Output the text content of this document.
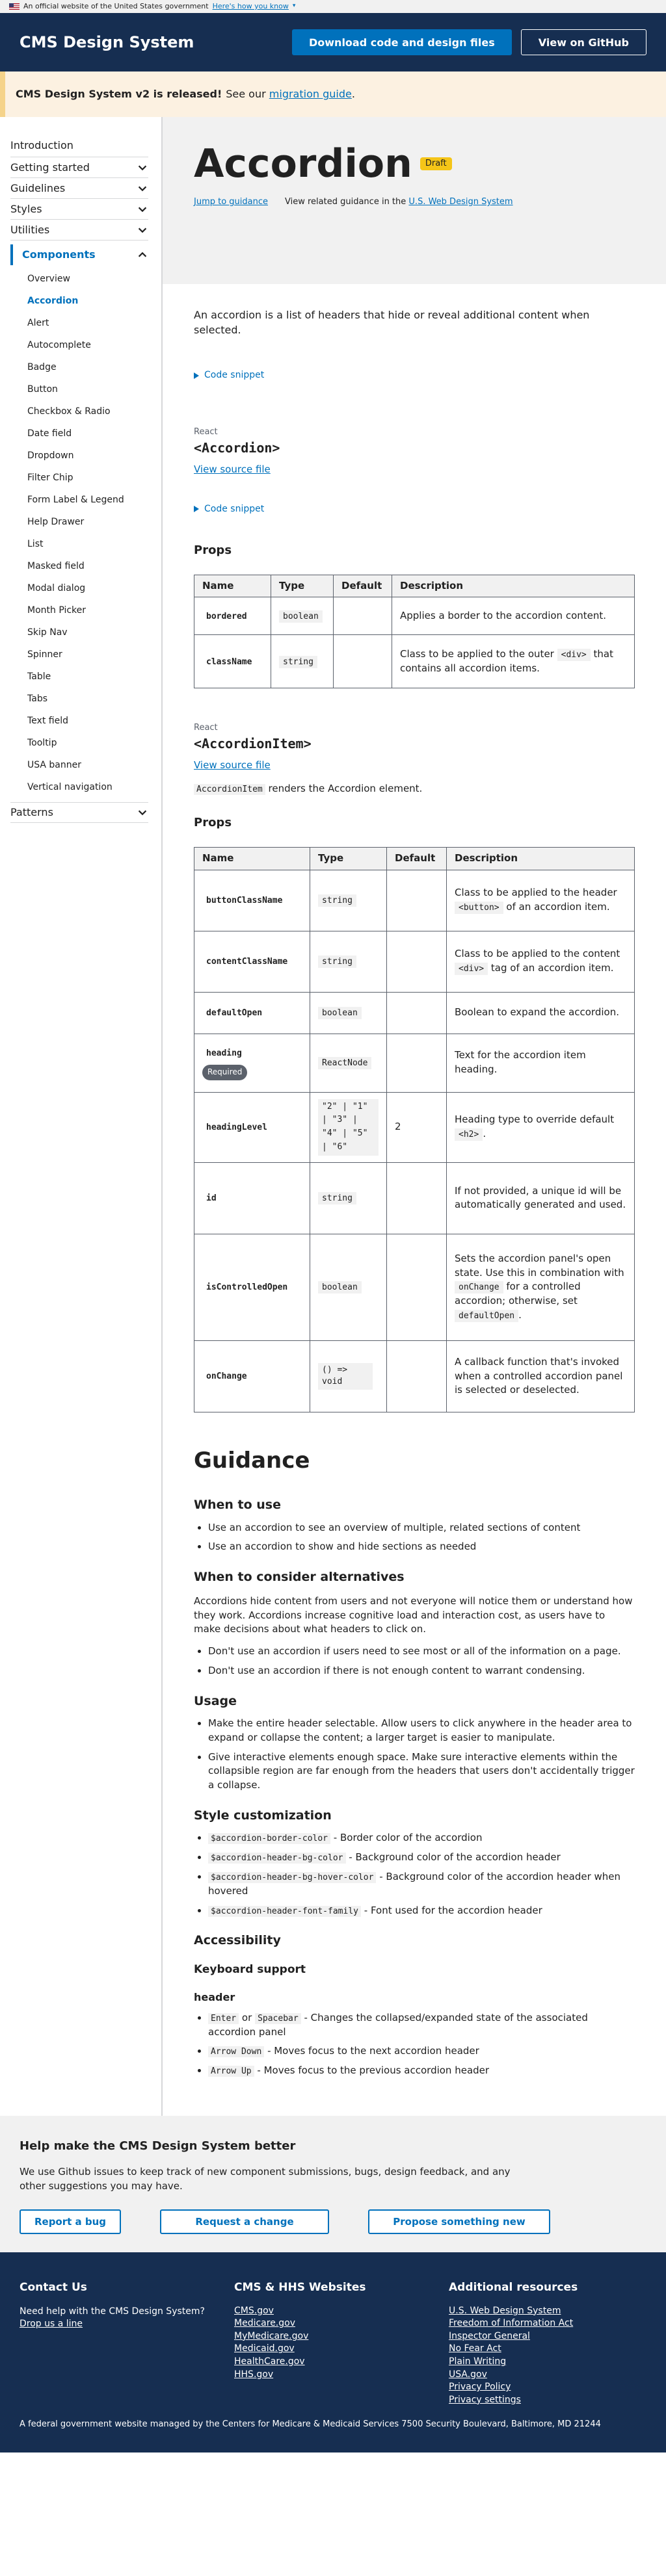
An official website of the United States government Here's how you know ▾
CMS Design System	Download code and design files	View on GitHub
CMS Design System v2 is released! See our
migration guide .
Introduction
Getting started
Guidelines
Styles
Utilities
Components
Overview
Accordion
Alert
Autocomplete
Badge
Button
Checkbox & Radio
Date field
Dropdown
Filter Chip
Form Label & Legend
Help Drawer
List
Masked field
Modal dialog
Month Picker
Skip Nav
Spinner
Table
Tabs
Text field
Tooltip
USA banner
Vertical navigation
Patterns
Accordion	Draft
Jump to guidance View related guidance in the U.S. Web Design System

An accordion is a list of headers that hide or reveal additional content when selected.

Code snippet
React
<Accordion>
View source file
Code snippet
Props
Name	Type	Default	Description
bordered	boolean		Applies a border to the accordion content.
className	string		Class to be applied to the outer <div> that contains all accordion items.
React
<AccordionItem>
View source file

AccordionItem renders the Accordion element.

Props
Name	Type	Default	Description
buttonClassName	string		Class to be applied to the header <button> of an accordion item.
contentClassName	string		Class to be applied to the content <div> tag of an accordion item.
defaultOpen	boolean		Boolean to expand the accordion.
heading
Required	ReactNode		Text for the accordion item heading.
headingLevel	"2" | "1" | "3" | "4" | "5" | "6"	2	Heading type to override default <h2> .
id	string		If not provided, a unique id will be automatically generated and used.
isControlledOpen	boolean		Sets the accordion panel's open state. Use this in combination with onChange for a controlled accordion; otherwise, set defaultOpen .
onChange	() => void		A callback function that's invoked when a controlled accordion panel is selected or deselected.
Guidance
When to use
• Use an accordion to see an overview of multiple, related sections of content
• Use an accordion to show and hide sections as needed
When to consider alternatives

Accordions hide content from users and not everyone will notice them or understand how they work. Accordions increase cognitive load and interaction cost, as users have to make decisions about what headers to click on.

• Don't use an accordion if users need to see most or all of the information on a page.
• Don't use an accordion if there is not enough content to warrant condensing.
Usage
• Make the entire header selectable. Allow users to click anywhere in the header area to expand or collapse the content; a larger target is easier to manipulate.
• Give interactive elements enough space. Make sure interactive elements within the collapsible region are far enough from the headers that users don't accidentally trigger a collapse.
Style customization
• $accordion-border-color - Border color of the accordion
• $accordion-header-bg-color - Background color of the accordion header
• $accordion-header-bg-hover-color - Background color of the accordion header when hovered
• $accordion-header-font-family - Font used for the accordion header
Accessibility
Keyboard support
header
• Enter or Spacebar - Changes the collapsed/expanded state of the associated accordion panel
• Arrow Down - Moves focus to the next accordion header
• Arrow Up - Moves focus to the previous accordion header
Help make the CMS Design System better

We use Github issues to keep track of new component submissions, bugs, design feedback, and any other suggestions you may have.

Report a bug	Request a change	Propose something new
Contact Us

Need help with the CMS Design System?

Drop us a line
CMS & HHS Websites
CMS.gov
Medicare.gov
MyMedicare.gov
Medicaid.gov
HealthCare.gov
HHS.gov
Additional resources
U.S. Web Design System
Freedom of Information Act
Inspector General
No Fear Act
Plain Writing
USA.gov
Privacy Policy
Privacy settings

A federal government website managed by the Centers for Medicare & Medicaid Services 7500 Security Boulevard, Baltimore, MD 21244
